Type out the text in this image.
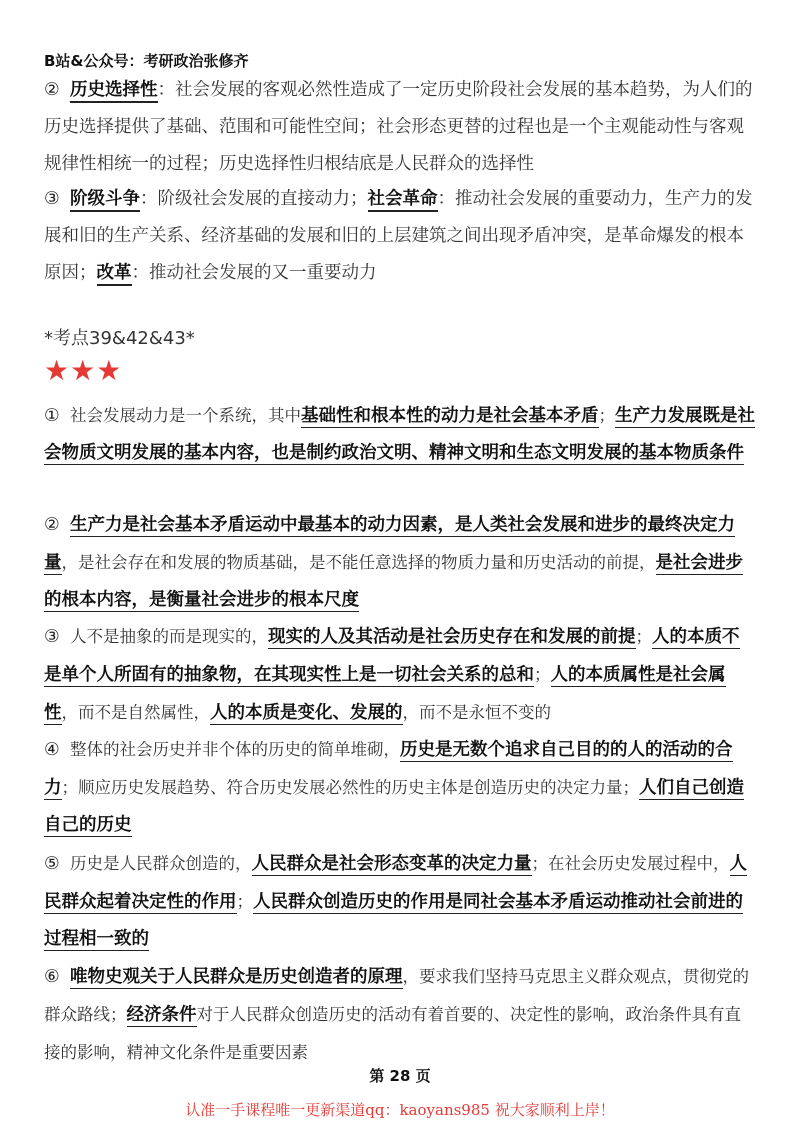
B站&公众号：考研政治张修齐
② 历史选择性：社会发展的客观必然性造成了一定历史阶段社会发展的基本趋势，为人们的历史选择提供了基础、范围和可能性空间；社会形态更替的过程也是一个主观能动性与客观规律性相统一的过程；历史选择性归根结底是人民群众的选择性
③ 阶级斗争：阶级社会发展的直接动力；社会革命：推动社会发展的重要动力，生产力的发展和旧的生产关系、经济基础的发展和旧的上层建筑之间出现矛盾冲突，是革命爆发的根本原因；改革：推动社会发展的又一重要动力
*考点39&42&43*
★★★
① 社会发展动力是一个系统，其中基础性和根本性的动力是社会基本矛盾；生产力发展既是社会物质文明发展的基本内容，也是制约政治文明、精神文明和生态文明发展的基本物质条件
② 生产力是社会基本矛盾运动中最基本的动力因素，是人类社会发展和进步的最终决定力量，是社会存在和发展的物质基础，是不能任意选择的物质力量和历史活动的前提，是社会进步的根本内容，是衡量社会进步的根本尺度
③ 人不是抽象的而是现实的，现实的人及其活动是社会历史存在和发展的前提；人的本质不是单个人所固有的抽象物，在其现实性上是一切社会关系的总和；人的本质属性是社会属性，而不是自然属性，人的本质是变化、发展的，而不是永恒不变的
④ 整体的社会历史并非个体的历史的简单堆砌，历史是无数个追求自己目的的人的活动的合力；顺应历史发展趋势、符合历史发展必然性的历史主体是创造历史的决定力量；人们自己创造自己的历史
⑤ 历史是人民群众创造的，人民群众是社会形态变革的决定力量；在社会历史发展过程中，人民群众起着决定性的作用；人民群众创造历史的作用是同社会基本矛盾运动推动社会前进的过程相一致的
⑥ 唯物史观关于人民群众是历史创造者的原理，要求我们坚持马克思主义群众观点，贯彻党的群众路线；经济条件对于人民群众创造历史的活动有着首要的、决定性的影响，政治条件具有直接的影响，精神文化条件是重要因素
第 28 页
认准一手课程唯一更新渠道qq：kaoyans985 祝大家顺利上岸！
